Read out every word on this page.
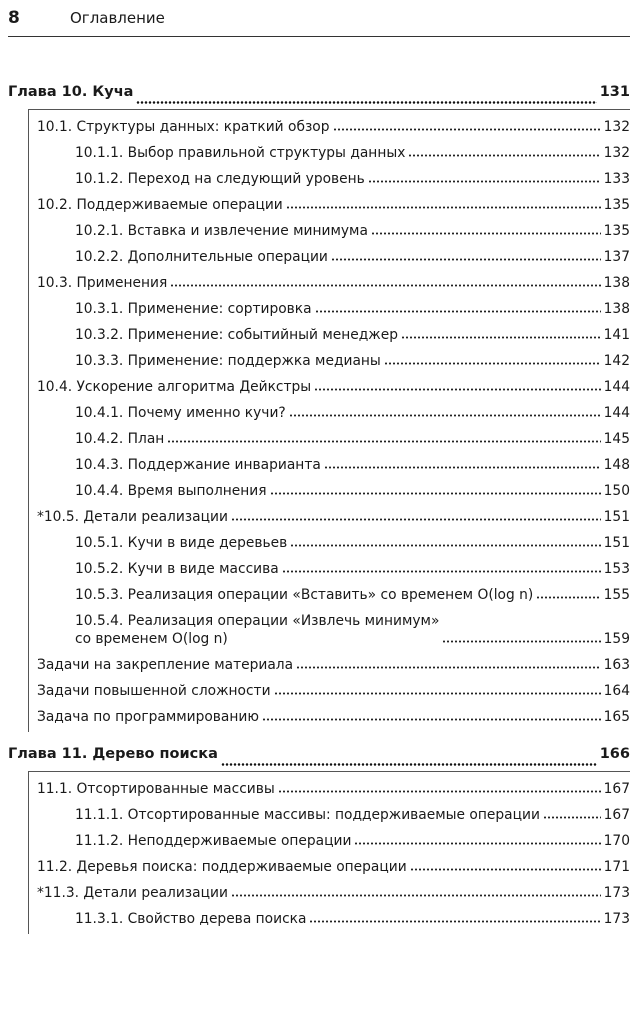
8	Оглавление
Глава 10. Куча	131
10.1. Структуры данных: краткий обзор	132
10.1.1. Выбор правильной структуры данных	132
10.1.2. Переход на следующий уровень	133
10.2. Поддерживаемые операции	135
10.2.1. Вставка и извлечение минимума	135
10.2.2. Дополнительные операции	137
10.3. Применения	138
10.3.1. Применение: сортировка	138
10.3.2. Применение: событийный менеджер	141
10.3.3. Применение: поддержка медианы	142
10.4. Ускорение алгоритма Дейкстры	144
10.4.1. Почему именно кучи?	144
10.4.2. План	145
10.4.3. Поддержание инварианта	148
10.4.4. Время выполнения	150
*10.5. Детали реализации	151
10.5.1. Кучи в виде деревьев	151
10.5.2. Кучи в виде массива	153
10.5.3. Реализация операции «Вставить» со временем O(log n)	155
10.5.4. Реализация операции «Извлечь минимум»
со временем O(log n)	159
Задачи на закрепление материала	163
Задачи повышенной сложности	164
Задача по программированию	165
Глава 11. Дерево поиска	166
11.1. Отсортированные массивы	167
11.1.1. Отсортированные массивы: поддерживаемые операции	167
11.1.2. Неподдерживаемые операции	170
11.2. Деревья поиска: поддерживаемые операции	171
*11.3. Детали реализации	173
11.3.1. Свойство дерева поиска	173
